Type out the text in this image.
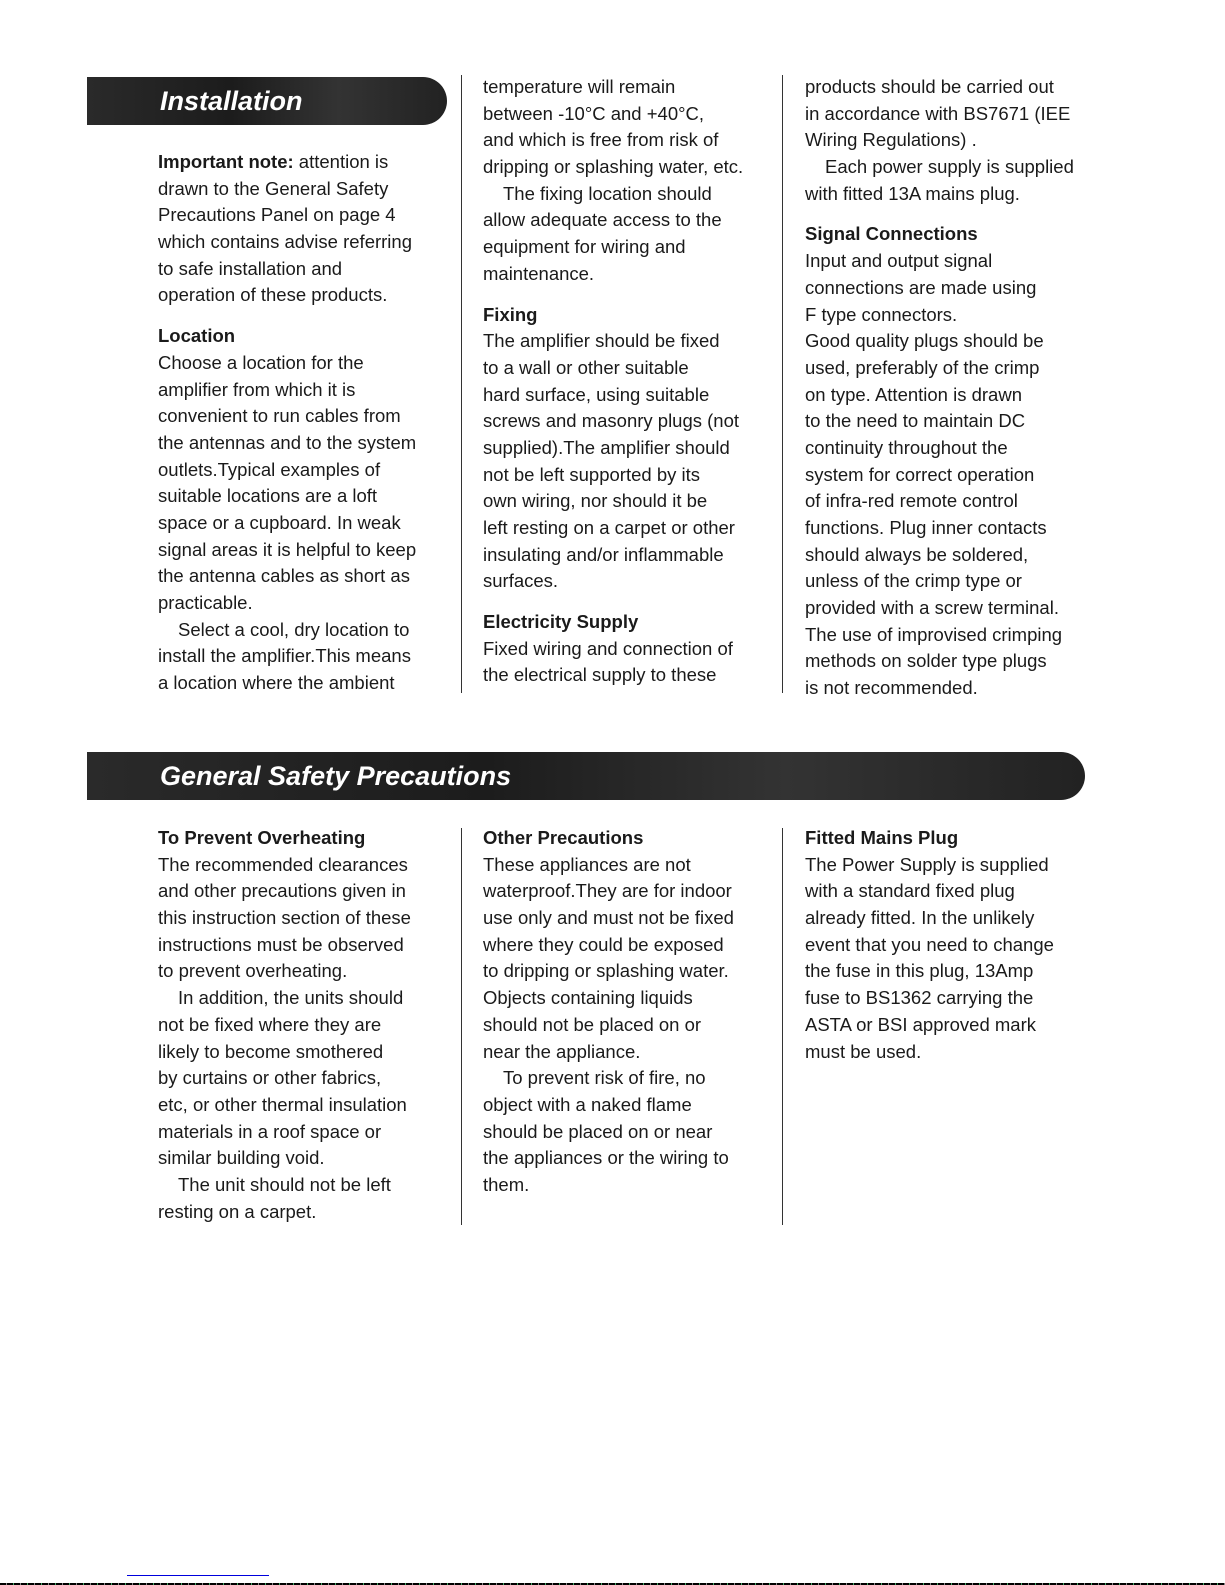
Installation
General Safety Precautions
Important note: attention is
drawn to the General Safety
Precautions Panel on page 4
which contains advise referring
to safe installation and
operation of these products.
Location
Choose a location for the
amplifier from which it is
convenient to run cables from
the antennas and to the system
outlets.Typical examples of
suitable locations are a loft
space or a cupboard. In weak
signal areas it is helpful to keep
the antenna cables as short as
practicable.
Select a cool, dry location to
install the amplifier.This means
a location where the ambient
temperature will remain
between -10°C and +40°C,
and which is free from risk of
dripping or splashing water, etc.
The fixing location should
allow adequate access to the
equipment for wiring and
maintenance.
Fixing
The amplifier should be fixed
to a wall or other suitable
hard surface, using suitable
screws and masonry plugs (not
supplied).The amplifier should
not be left supported by its
own wiring, nor should it be
left resting on a carpet or other
insulating and/or inflammable
surfaces.
Electricity Supply
Fixed wiring and connection of
the electrical supply to these
products should be carried out
in accordance with BS7671 (IEE
Wiring Regulations) .
Each power supply is supplied
with fitted 13A mains plug.
Signal Connections
Input and output signal
connections are made using
F type connectors.
Good quality plugs should be
used, preferably of the crimp
on type. Attention is drawn
to the need to maintain DC
continuity throughout the
system for correct operation
of infra-red remote control
functions. Plug inner contacts
should always be soldered,
unless of the crimp type or
provided with a screw terminal.
The use of improvised crimping
methods on solder type plugs
is not recommended.
To Prevent Overheating
The recommended clearances
and other precautions given in
this instruction section of these
instructions must be observed
to prevent overheating.
In addition, the units should
not be fixed where they are
likely to become smothered
by curtains or other fabrics,
etc, or other thermal insulation
materials in a roof space or
similar building void.
The unit should not be left
resting on a carpet.
Other Precautions
These appliances are not
waterproof.They are for indoor
use only and must not be fixed
where they could be exposed
to dripping or splashing water.
Objects containing liquids
should not be placed on or
near the appliance.
To prevent risk of fire, no
object with a naked flame
should be placed on or near
the appliances or the wiring to
them.
Fitted Mains Plug
The Power Supply is supplied
with a standard fixed plug
already fitted. In the unlikely
event that you need to change
the fuse in this plug, 13Amp
fuse to BS1362 carrying the
ASTA or BSI approved mark
must be used.
